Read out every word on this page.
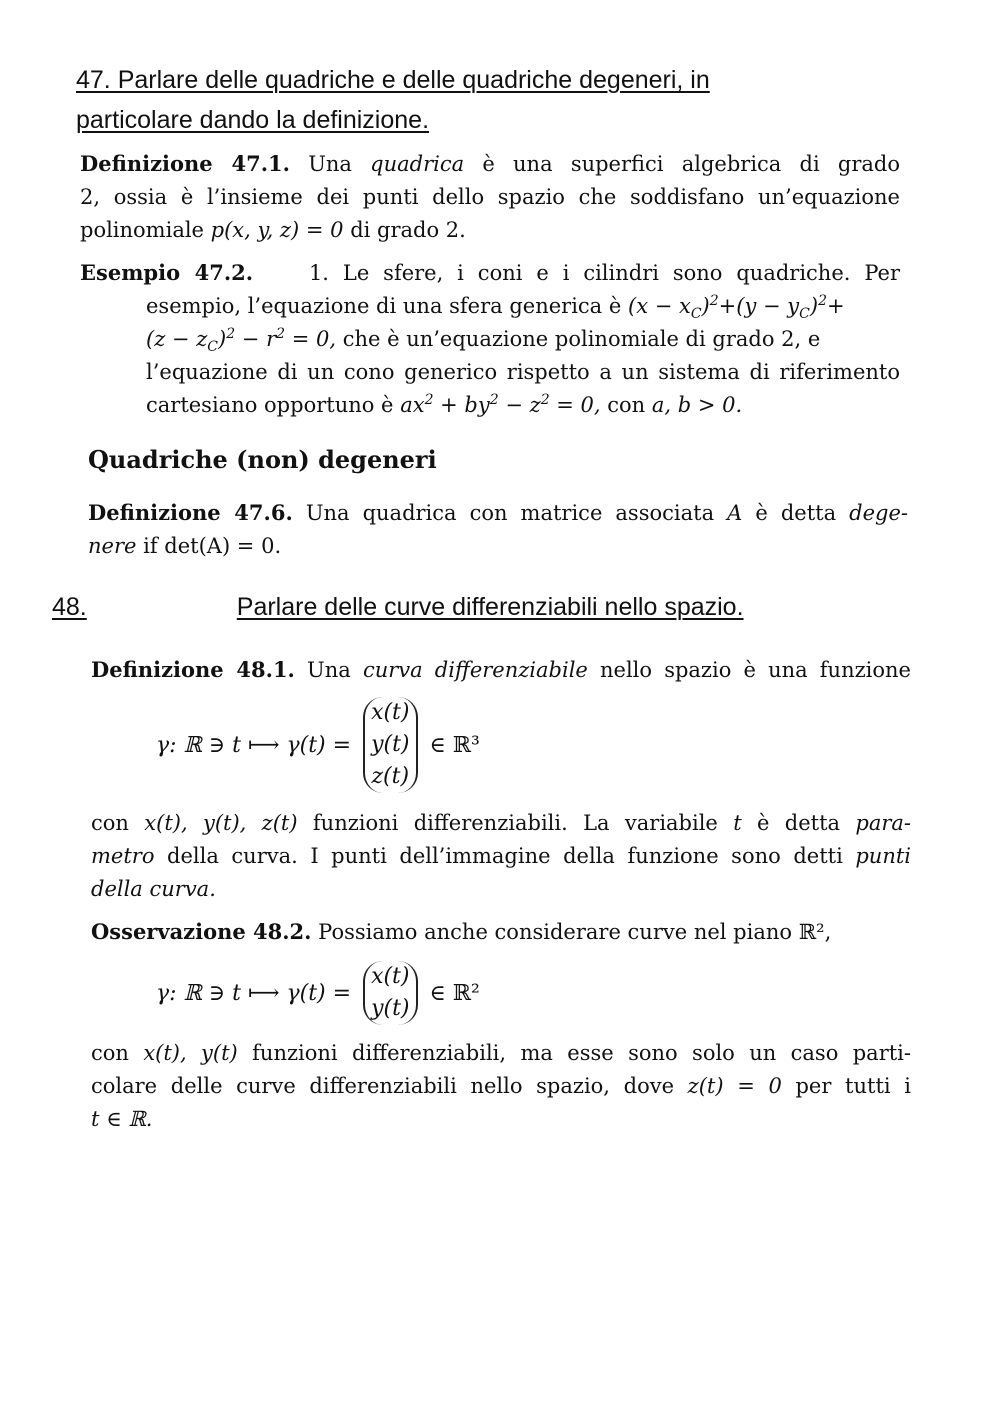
47. Parlare delle quadriche e delle quadriche degeneri, in
particolare dando la definizione.
Definizione 47.1. Una quadrica è una superfici algebrica di grado
2, ossia è l’insieme dei punti dello spazio che soddisfano un’equazione
polinomiale p(x, y, z) = 0 di grado 2.
Esempio 47.2.	1. Le sfere, i coni e i cilindri sono quadriche. Per
esempio, l’equazione di una sfera generica è $(x - x_C)^2+(y - y_C)^2+$
$(z - z_C)^2 - r^2 = 0$, che è un’equazione polinomiale di grado 2, e
l’equazione di un cono generico rispetto a un sistema di riferimento
cartesiano opportuno è $ax^2 + by^2 - z^2 = 0$, con a, b > 0.
Quadriche (non) degeneri
Definizione 47.6. Una quadrica con matrice associata A è detta dege-
nere if det(A) = 0.
48.	Parlare delle curve differenziabili nello spazio.
Definizione 48.1. Una curva differenziabile nello spazio è una funzione
γ: ℝ ∋ t ⟼ γ(t) =
x(t)
y(t)
z(t)
∈ ℝ³
con x(t), y(t), z(t) funzioni differenziabili. La variabile t è detta para-
metro della curva. I punti dell’immagine della funzione sono detti punti
della curva.
Osservazione 48.2. Possiamo anche considerare curve nel piano ℝ²,
γ: ℝ ∋ t ⟼ γ(t) =
x(t)
y(t)
∈ ℝ²
con x(t), y(t) funzioni differenziabili, ma esse sono solo un caso parti-
colare delle curve differenziabili nello spazio, dove z(t) = 0 per tutti i
t ∈ ℝ.
